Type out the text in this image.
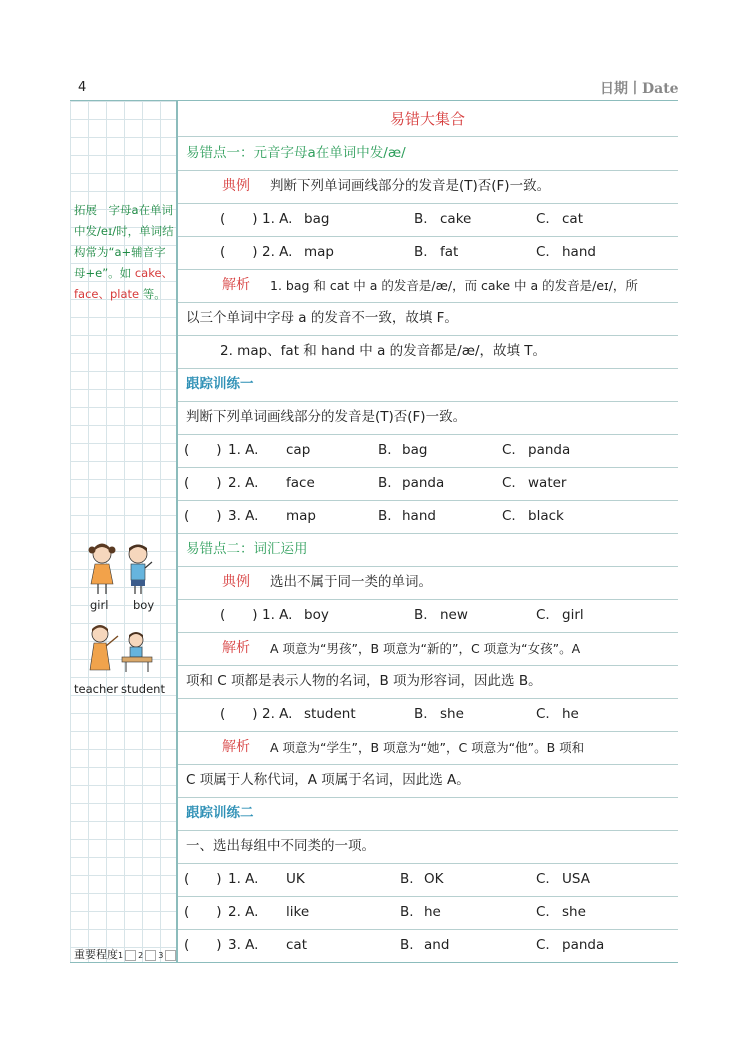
4	日期丨Date
拓展　字母a在单词中发/eɪ/时，单词结构常为“a+辅音字母+e”。如 cake、face、plate 等。
girl boy
teacher student
重要程度1 2 3
易错大集合
易错点一：元音字母a在单词中发/æ/
典例 判断下列单词画线部分的发音是(T)否(F)一致。
(　　) 1. A. bag	B. cake	C. cat
(　　) 2. A. map	B. fat	C. hand
解析 1. bag 和 cat 中 a 的发音是/æ/，而 cake 中 a 的发音是/eɪ/，所
以三个单词中字母 a 的发音不一致，故填 F。
2. map、fat 和 hand 中 a 的发音都是/æ/，故填 T。
跟踪训练一
判断下列单词画线部分的发音是(T)否(F)一致。
(　　) 1. A. cap	B. bag	C. panda
(　　) 2. A. face	B. panda	C. water
(　　) 3. A. map	B. hand	C. black
易错点二：词汇运用
典例 选出不属于同一类的单词。
(　　) 1. A. boy	B. new	C. girl
解析 A 项意为“男孩”，B 项意为“新的”，C 项意为“女孩”。A
项和 C 项都是表示人物的名词，B 项为形容词，因此选 B。
(　　) 2. A. student	B. she	C. he
解析 A 项意为“学生”，B 项意为“她”，C 项意为“他”。B 项和
C 项属于人称代词，A 项属于名词，因此选 A。
跟踪训练二
一、选出每组中不同类的一项。
(　　) 1. A. UK	B. OK	C. USA
(　　) 2. A. like	B. he	C. she
(　　) 3. A. cat	B. and	C. panda
